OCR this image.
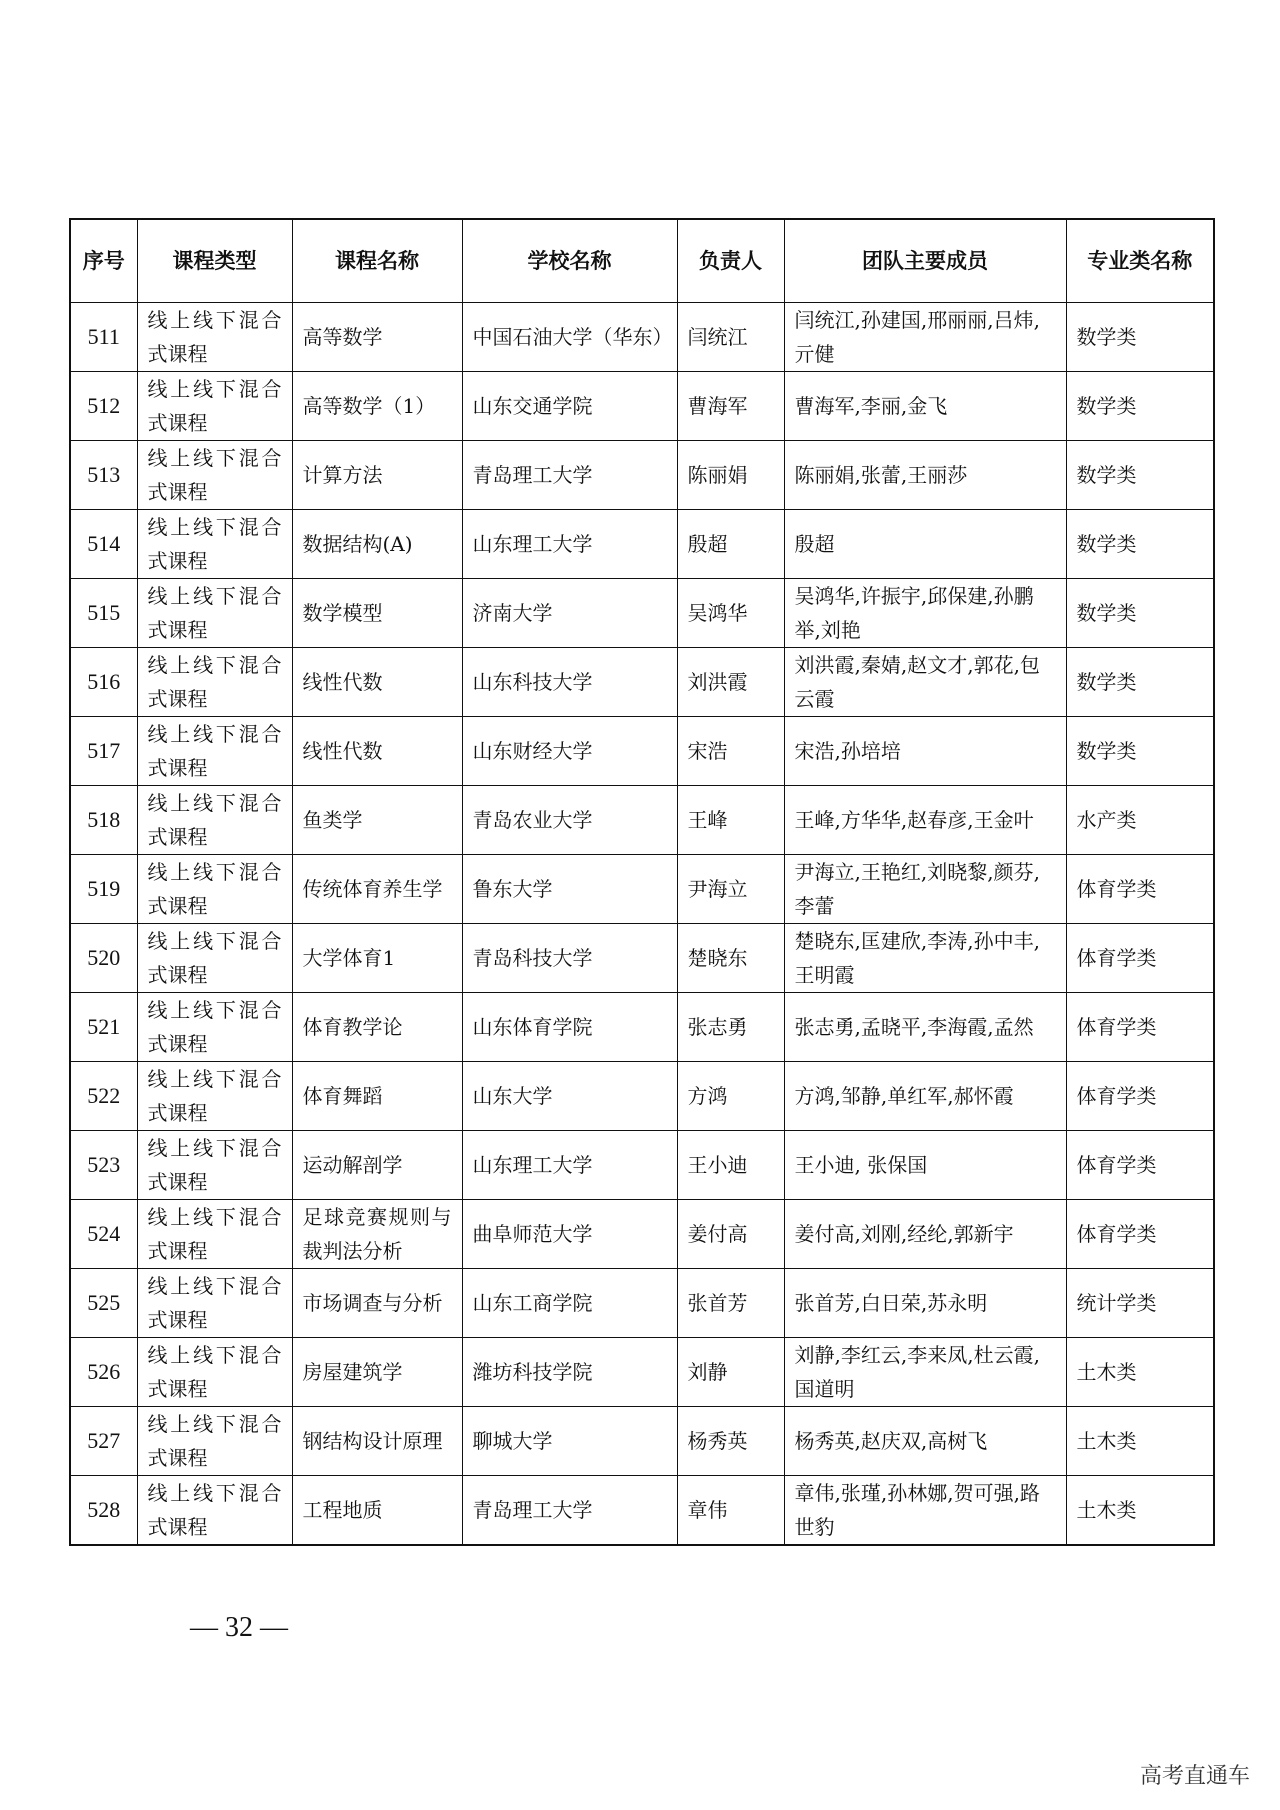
序号	课程类型	课程名称	学校名称	负责人	团队主要成员	专业类名称
511	线上线下混合式课程	高等数学	中国石油大学（华东）	闫统江	闫统江,孙建国,邢丽丽,吕炜,亓健	数学类
512	线上线下混合式课程	高等数学（1）	山东交通学院	曹海军	曹海军,李丽,金飞	数学类
513	线上线下混合式课程	计算方法	青岛理工大学	陈丽娟	陈丽娟,张蕾,王丽莎	数学类
514	线上线下混合式课程	数据结构(A)	山东理工大学	殷超	殷超	数学类
515	线上线下混合式课程	数学模型	济南大学	吴鸿华	吴鸿华,许振宇,邱保建,孙鹏举,刘艳	数学类
516	线上线下混合式课程	线性代数	山东科技大学	刘洪霞	刘洪霞,秦婧,赵文才,郭花,包云霞	数学类
517	线上线下混合式课程	线性代数	山东财经大学	宋浩	宋浩,孙培培	数学类
518	线上线下混合式课程	鱼类学	青岛农业大学	王峰	王峰,方华华,赵春彦,王金叶	水产类
519	线上线下混合式课程	传统体育养生学	鲁东大学	尹海立	尹海立,王艳红,刘晓黎,颜芬,李蕾	体育学类
520	线上线下混合式课程	大学体育1	青岛科技大学	楚晓东	楚晓东,匡建欣,李涛,孙中丰,王明霞	体育学类
521	线上线下混合式课程	体育教学论	山东体育学院	张志勇	张志勇,孟晓平,李海霞,孟然	体育学类
522	线上线下混合式课程	体育舞蹈	山东大学	方鸿	方鸿,邹静,单红军,郝怀霞	体育学类
523	线上线下混合式课程	运动解剖学	山东理工大学	王小迪	王小迪, 张保国	体育学类
524	线上线下混合式课程	足球竞赛规则与裁判法分析	曲阜师范大学	姜付高	姜付高,刘刚,经纶,郭新宇	体育学类
525	线上线下混合式课程	市场调查与分析	山东工商学院	张首芳	张首芳,白日荣,苏永明	统计学类
526	线上线下混合式课程	房屋建筑学	潍坊科技学院	刘静	刘静,李红云,李来凤,杜云霞,国道明	土木类
527	线上线下混合式课程	钢结构设计原理	聊城大学	杨秀英	杨秀英,赵庆双,高树飞	土木类
528	线上线下混合式课程	工程地质	青岛理工大学	章伟	章伟,张瑾,孙林娜,贺可强,路世豹	土木类
— 32 —
高考直通车
